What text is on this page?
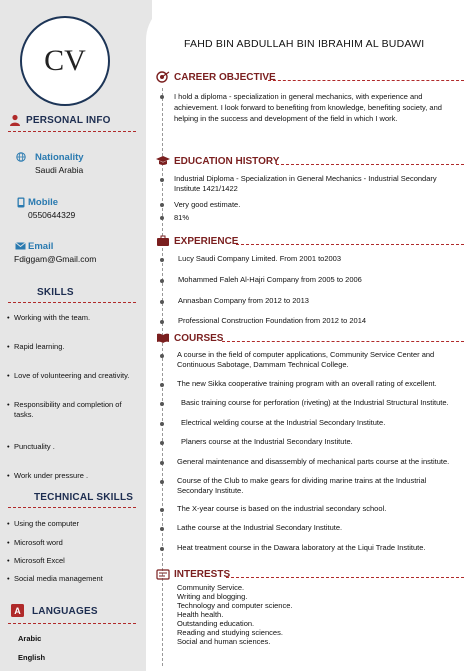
CV
PERSONAL INFO
Nationality
Saudi Arabia
Mobile
0550644329
Email
Fdiggam@Gmail.com
SKILLS
• Working with the team.
• Rapid learning.
• Love of volunteering and creativity.
• Responsibility and completion of tasks.
• Punctuality .
• Work under pressure .
TECHNICAL SKILLS
• Using the computer
• Microsoft word
• Microsoft Excel
• Social media management
A LANGUAGES
Arabic
English
FAHD BIN ABDULLAH BIN IBRAHIM AL BUDAWI
CAREER OBJECTIVE
I hold a diploma - specialization in general mechanics, with experience and achievement. I look forward to benefiting from knowledge, benefiting society, and helping in the success and development of the field in which I work.
EDUCATION HISTORY
Industrial Diploma - Specialization in General Mechanics - Industrial Secondary Institute 1421/1422
Very good estimate.
81%
EXPERIENCE
Lucy Saudi Company Limited. From 2001 to2003
Mohammed Faleh Al-Hajri Company from 2005 to 2006
Annasban Company from 2012 to 2013
Professional Construction Foundation from 2012 to 2014
COURSES
A course in the field of computer applications, Community Service Center and Continuous Sabotage, Dammam Technical College.
The new Sikka cooperative training program with an overall rating of excellent.
Basic training course for perforation (riveting) at the Industrial Structural Institute.
Electrical welding course at the Industrial Secondary Institute.
Planers course at the Industrial Secondary Institute.
General maintenance and disassembly of mechanical parts course at the institute.
Course of the Club to make gears for dividing marine trains at the Industrial Secondary Institute.
The X-year course is based on the industrial secondary school.
Lathe course at the Industrial Secondary Institute.
Heat treatment course in the Dawara laboratory at the Liqui Trade Institute.
INTERESTS
Community Service.
Writing and blogging.
Technology and computer science.
Health health.
Outstanding education.
Reading and studying sciences.
Social and human sciences.
